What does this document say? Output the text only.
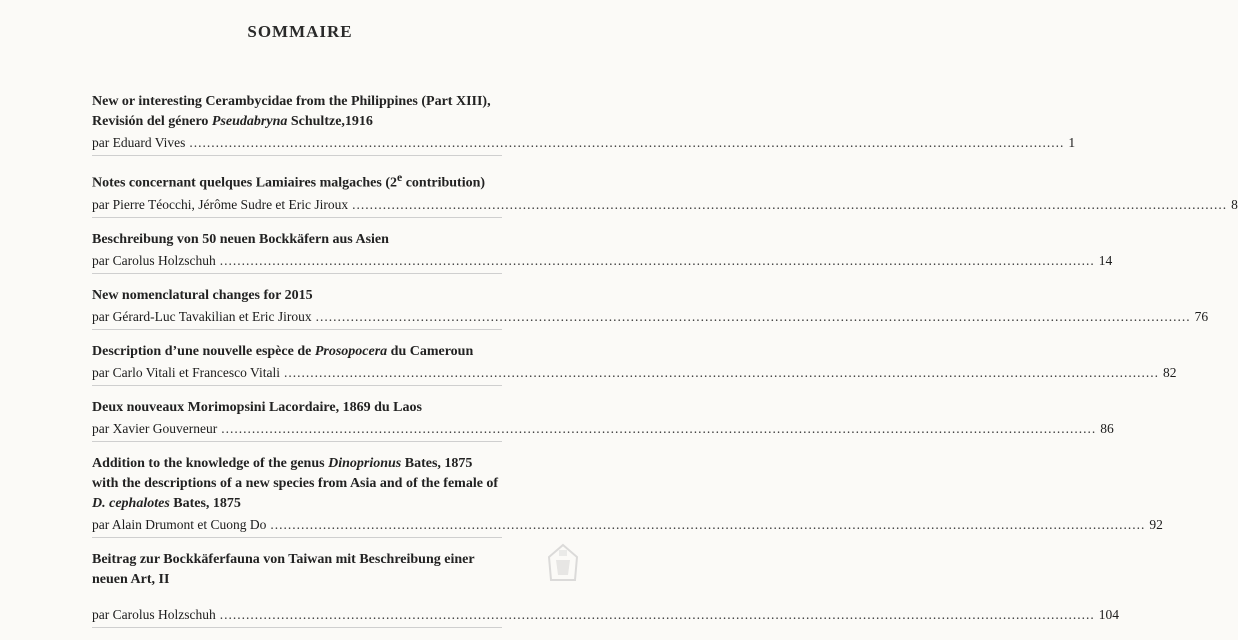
SOMMAIRE
New or interesting Cerambycidae from the Philippines (Part XIII),
Revisión del género Pseudabryna Schultze,1916
par Eduard Vives ........................................................................................................................................................................................................ 1
Notes concernant quelques Lamiaires malgaches (2e contribution)
par Pierre Téocchi, Jérôme Sudre et Eric Jiroux ........................................................................................................................................................................................................ 8
Beschreibung von 50 neuen Bockkäfern aus Asien
par Carolus Holzschuh ........................................................................................................................................................................................................ 14
New nomenclatural changes for 2015
par Gérard-Luc Tavakilian et Eric Jiroux ........................................................................................................................................................................................................ 76
Description d’une nouvelle espèce de Prosopocera du Cameroun
par Carlo Vitali et Francesco Vitali ........................................................................................................................................................................................................ 82
Deux nouveaux Morimopsini Lacordaire, 1869 du Laos
par Xavier Gouverneur ........................................................................................................................................................................................................ 86
Addition to the knowledge of the genus Dinoprionus Bates, 1875
with the descriptions of a new species from Asia and of the female of
D. cephalotes Bates, 1875
par Alain Drumont et Cuong Do ........................................................................................................................................................................................................ 92
Beitrag zur Bockkäferfauna von Taiwan mit Beschreibung einer
neuen Art, II
par Carolus Holzschuh ........................................................................................................................................................................................................ 104
